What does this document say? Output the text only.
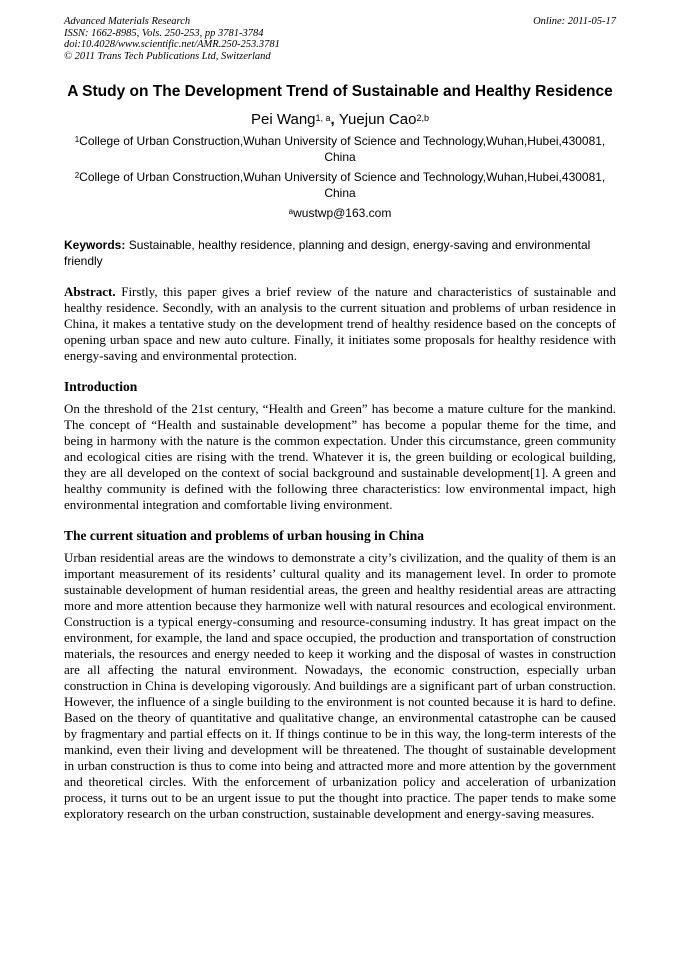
Advanced Materials Research
ISSN: 1662-8985, Vols. 250-253, pp 3781-3784
doi:10.4028/www.scientific.net/AMR.250-253.3781
© 2011 Trans Tech Publications Ltd, Switzerland
Online: 2011-05-17
A Study on The Development Trend of Sustainable and Healthy Residence
Pei Wang$^{1, a}$, Yuejun Cao$^{2,b}$
$^1$College of Urban Construction,Wuhan University of Science and Technology,Wuhan,Hubei,430081, China
$^2$College of Urban Construction,Wuhan University of Science and Technology,Wuhan,Hubei,430081, China
$^a$wustwp@163.com
Keywords: Sustainable, healthy residence, planning and design, energy-saving and environmental friendly
Abstract. Firstly, this paper gives a brief review of the nature and characteristics of sustainable and healthy residence. Secondly, with an analysis to the current situation and problems of urban residence in China, it makes a tentative study on the development trend of healthy residence based on the concepts of opening urban space and new auto culture. Finally, it initiates some proposals for healthy residence with energy-saving and environmental protection.
Introduction

On the threshold of the 21st century, “Health and Green” has become a mature culture for the mankind. The concept of “Health and sustainable development” has become a popular theme for the time, and being in harmony with the nature is the common expectation. Under this circumstance, green community and ecological cities are rising with the trend. Whatever it is, the green building or ecological building, they are all developed on the context of social background and sustainable development[1]. A green and healthy community is defined with the following three characteristics: low environmental impact, high environmental integration and comfortable living environment.

The current situation and problems of urban housing in China

Urban residential areas are the windows to demonstrate a city’s civilization, and the quality of them is an important measurement of its residents’ cultural quality and its management level. In order to promote sustainable development of human residential areas, the green and healthy residential areas are attracting more and more attention because they harmonize well with natural resources and ecological environment. Construction is a typical energy-consuming and resource-consuming industry. It has great impact on the environment, for example, the land and space occupied, the production and transportation of construction materials, the resources and energy needed to keep it working and the disposal of wastes in construction are all affecting the natural environment. Nowadays, the economic construction, especially urban construction in China is developing vigorously. And buildings are a significant part of urban construction. However, the influence of a single building to the environment is not counted because it is hard to define. Based on the theory of quantitative and qualitative change, an environmental catastrophe can be caused by fragmentary and partial effects on it. If things continue to be in this way, the long-term interests of the mankind, even their living and development will be threatened. The thought of sustainable development in urban construction is thus to come into being and attracted more and more attention by the government and theoretical circles. With the enforcement of urbanization policy and acceleration of urbanization process, it turns out to be an urgent issue to put the thought into practice. The paper tends to make some exploratory research on the urban construction, sustainable development and energy-saving measures.
